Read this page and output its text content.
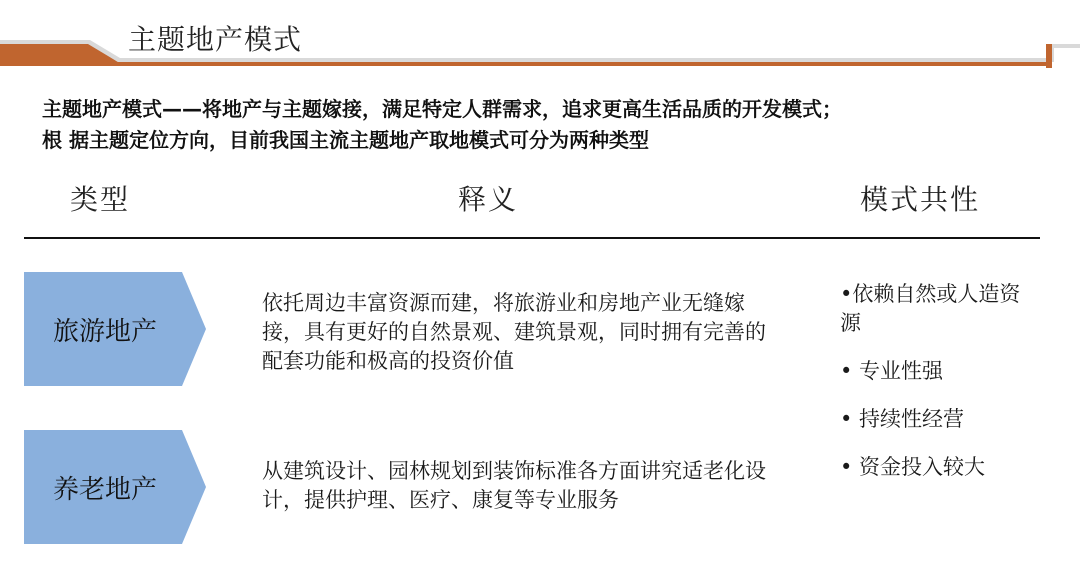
主题地产模式
主题地产模式——将地产与主题嫁接，满足特定人群需求，追求更高生活品质的开发模式；
根 据主题定位方向，目前我国主流主题地产取地模式可分为两种类型
类型	释义	模式共性
旅游地产
依托周边丰富资源而建，将旅游业和房地产业无缝嫁接，具有更好的自然景观、建筑景观，同时拥有完善的配套功能和极高的投资价值
养老地产
从建筑设计、园林规划到装饰标准各方面讲究适老化设计，提供护理、医疗、康复等专业服务
•依赖自然或人造资源
• 专业性强
• 持续性经营
• 资金投入较大
